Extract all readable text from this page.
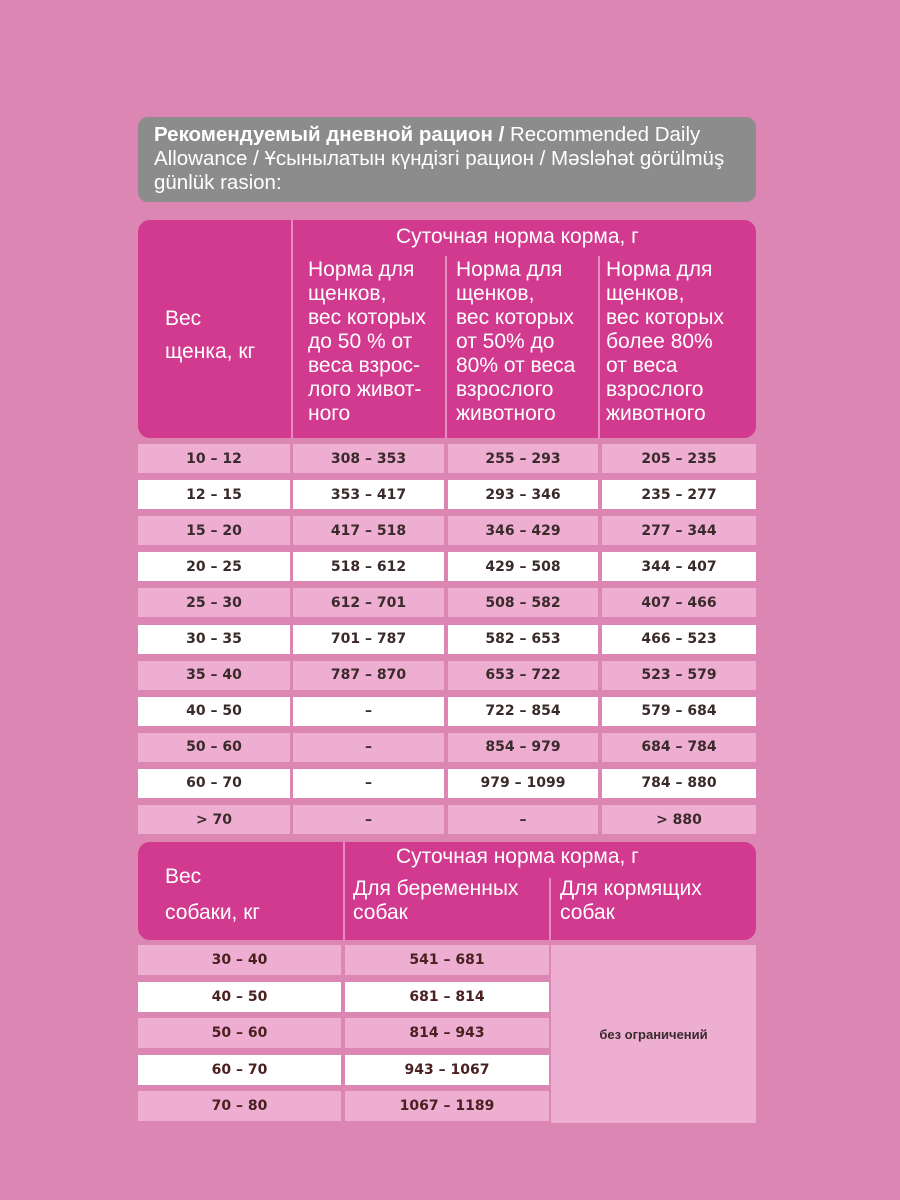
Рекомендуемый дневной рацион / Recommended Daily
Allowance / Ұсынылатын күндізгі рацион / Məsləhət görülmüş
günlük rasion:
Суточная норма корма, г
Вес
щенка, кг
Норма для
щенков,
вес которых
до 50 % от
веса взрос-
лого живот-
ного
Норма для
щенков,
вес которых
от 50% до
80% от веса
взрослого
животного
Норма для
щенков,
вес которых
более 80%
от веса
взрослого
животного
10 – 12	308 – 353	255 – 293	205 – 235
12 – 15	353 – 417	293 – 346	235 – 277
15 – 20	417 – 518	346 – 429	277 – 344
20 – 25	518 – 612	429 – 508	344 – 407
25 – 30	612 – 701	508 – 582	407 – 466
30 – 35	701 – 787	582 – 653	466 – 523
35 – 40	787 – 870	653 – 722	523 – 579
40 – 50	–	722 – 854	579 – 684
50 – 60	–	854 – 979	684 – 784
60 – 70	–	979 – 1099	784 – 880
> 70	–	–	> 880
Суточная норма корма, г
Вес
собаки, кг
Для беременных
собак
Для кормящих
собак
30 – 40	541 – 681
40 – 50	681 – 814
50 – 60	814 – 943
60 – 70	943 – 1067
70 – 80	1067 – 1189
без ограничений
